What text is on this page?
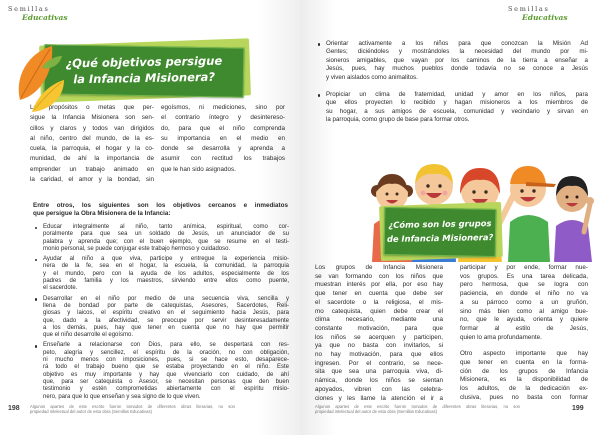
Semillas
Educativas
¿Qué objetivos persigue
la Infancia Misionera?
Los propósitos o metas que per-
sigue la Infancia Misionera son sen-
cillos y claros y todos van dirigidos
al niño, centro del mundo, de la es-
cuela, la parroquia, el hogar y la co-
munidad, de ahí la importancia de
emprender un trabajo animado en
la caridad, el amor y la bondad, sin
egoísmos, ni mediciones, sino por
el contrario íntegro y desintereso-
do, para que el niño comprenda
su importancia en el medio en
donde se desarrolla y aprenda a
asumir con rectitud los trabajos
que le han sido asignados.
Entre otros, los siguientes son los objetivos cercanos e inmediatos
que persigue la Obra Misionera de la Infancia:
Educar integralmente al niño, tanto anímica, espiritual, como cor-
poralmente para que sea un soldado de Jesús, un anunciador de su
palabra y aprenda que; con el buen ejemplo, que se resume en el testi-
monio personal, se puede conjugar este trabajo hermoso y cuidadoso.
Ayudar al niño a que viva, participe y entregue la experiencia misio-
nera de la fe, sea en el hogar, la escuela, la comunidad, la parroquia
y el mundo, pero con la ayuda de los adultos, especialmente de los
padres de familia y los maestros, sirviendo entre ellos como puente,
el sacerdote.
Desarrollar en el niño por medio de una secuencia viva, sencilla y
llena de bondad por parte de catequistas, Asesores, Sacerdotes, Reli-
giosas y laicos, el espíritu creativo en el seguimiento hacia Jesús, para
que, dado a la afectividad, se preocupe por servir desinteresadamente
a los demás, pues, hay que tener en cuenta que no hay que permitir
que el niño desarrolle el egoísmo.
Enseñarle a relacionarse con Dios, para ello, se despertará con res-
peto, alegría y sencillez, el espíritu de la oración, no con obligación,
ni mucho menos con imposiciones, pues, si se hace esto, desaparece-
rá todo el trabajo bueno que se estaba proyectando en el niño. Este
objetivo es muy importante y hay que vivenciarlo con cuidado, de ahí
que, para ser catequista o Asesor, se necesitan personas que den buen
testimonio y estén comprometidas abiertamente con el espíritu misio-
nero, para que lo que enseñan y sea signo de lo que viven.
Algunos apartes de este escrito fueron tomados de diferentes obras literarias, no son
propiedad intelectual del autor de esta obra (Semillas Educativas)
198
Semillas
Educativas
Orientar activamente a los niños para que conozcan la Misión Ad
Gentes; diciéndoles y mostrándoles la necesidad del mundo por mi-
sioneros amigables, que vayan por los caminos de la tierra a enseñar a
Jesús, pues, hay muchos pueblos donde todavía no se conoce a Jesús
y viven aislados como animalitos.
Propiciar un clima de fraternidad, unidad y amor en los niños, para
que ellos proyecten lo recibido y hagan misioneros a los miembros de
su hogar, a sus amigos de escuela, comunidad y vecindario y sirvan en
la parroquia, como grupo de base para formar otros.
¿Cómo son los grupos
de Infancia Misionera?
Los grupos de Infancia Misionera
se van formando con los niños que
muestran interés por ella, por eso hay
que tener en cuenta que debe ser
el sacerdote o la religiosa, el mis-
mo catequista, quien debe crear el
clima necesario, mediante una
constante motivación, para que
los niños se acerquen y participen,
ya que no basta con invitarlos, si
no hay motivación, para que ellos
ingresen. Por el contrario, se nece-
sita que sea una parroquia viva, di-
námica, donde los niños se sientan
apoyados, vibren con las celebra-
ciones y les llame la atención el ir a
participar y por ende, formar nue-
vos grupos. Es una tarea delicada,
pero hermosa, que se logra con
paciencia, en donde el niño no va
a su párroco como a un gruñón,
sino más bien como al amigo bue-
no, que le ayuda, orienta y quiere
formar al estilo de Jesús,
quien lo ama profundamente.
Otro aspecto importante que hay
que tener en cuenta en la forma-
ción de los grupos de Infancia
Misionera, es la disponibilidad de
los adultos, de la dedicación ex-
clusiva, pues no basta con formar
Algunos apartes de este escrito fueron tomados de diferentes obras literarias, no son
propiedad intelectual del autor de esta obra (Semillas Educativas)	199
